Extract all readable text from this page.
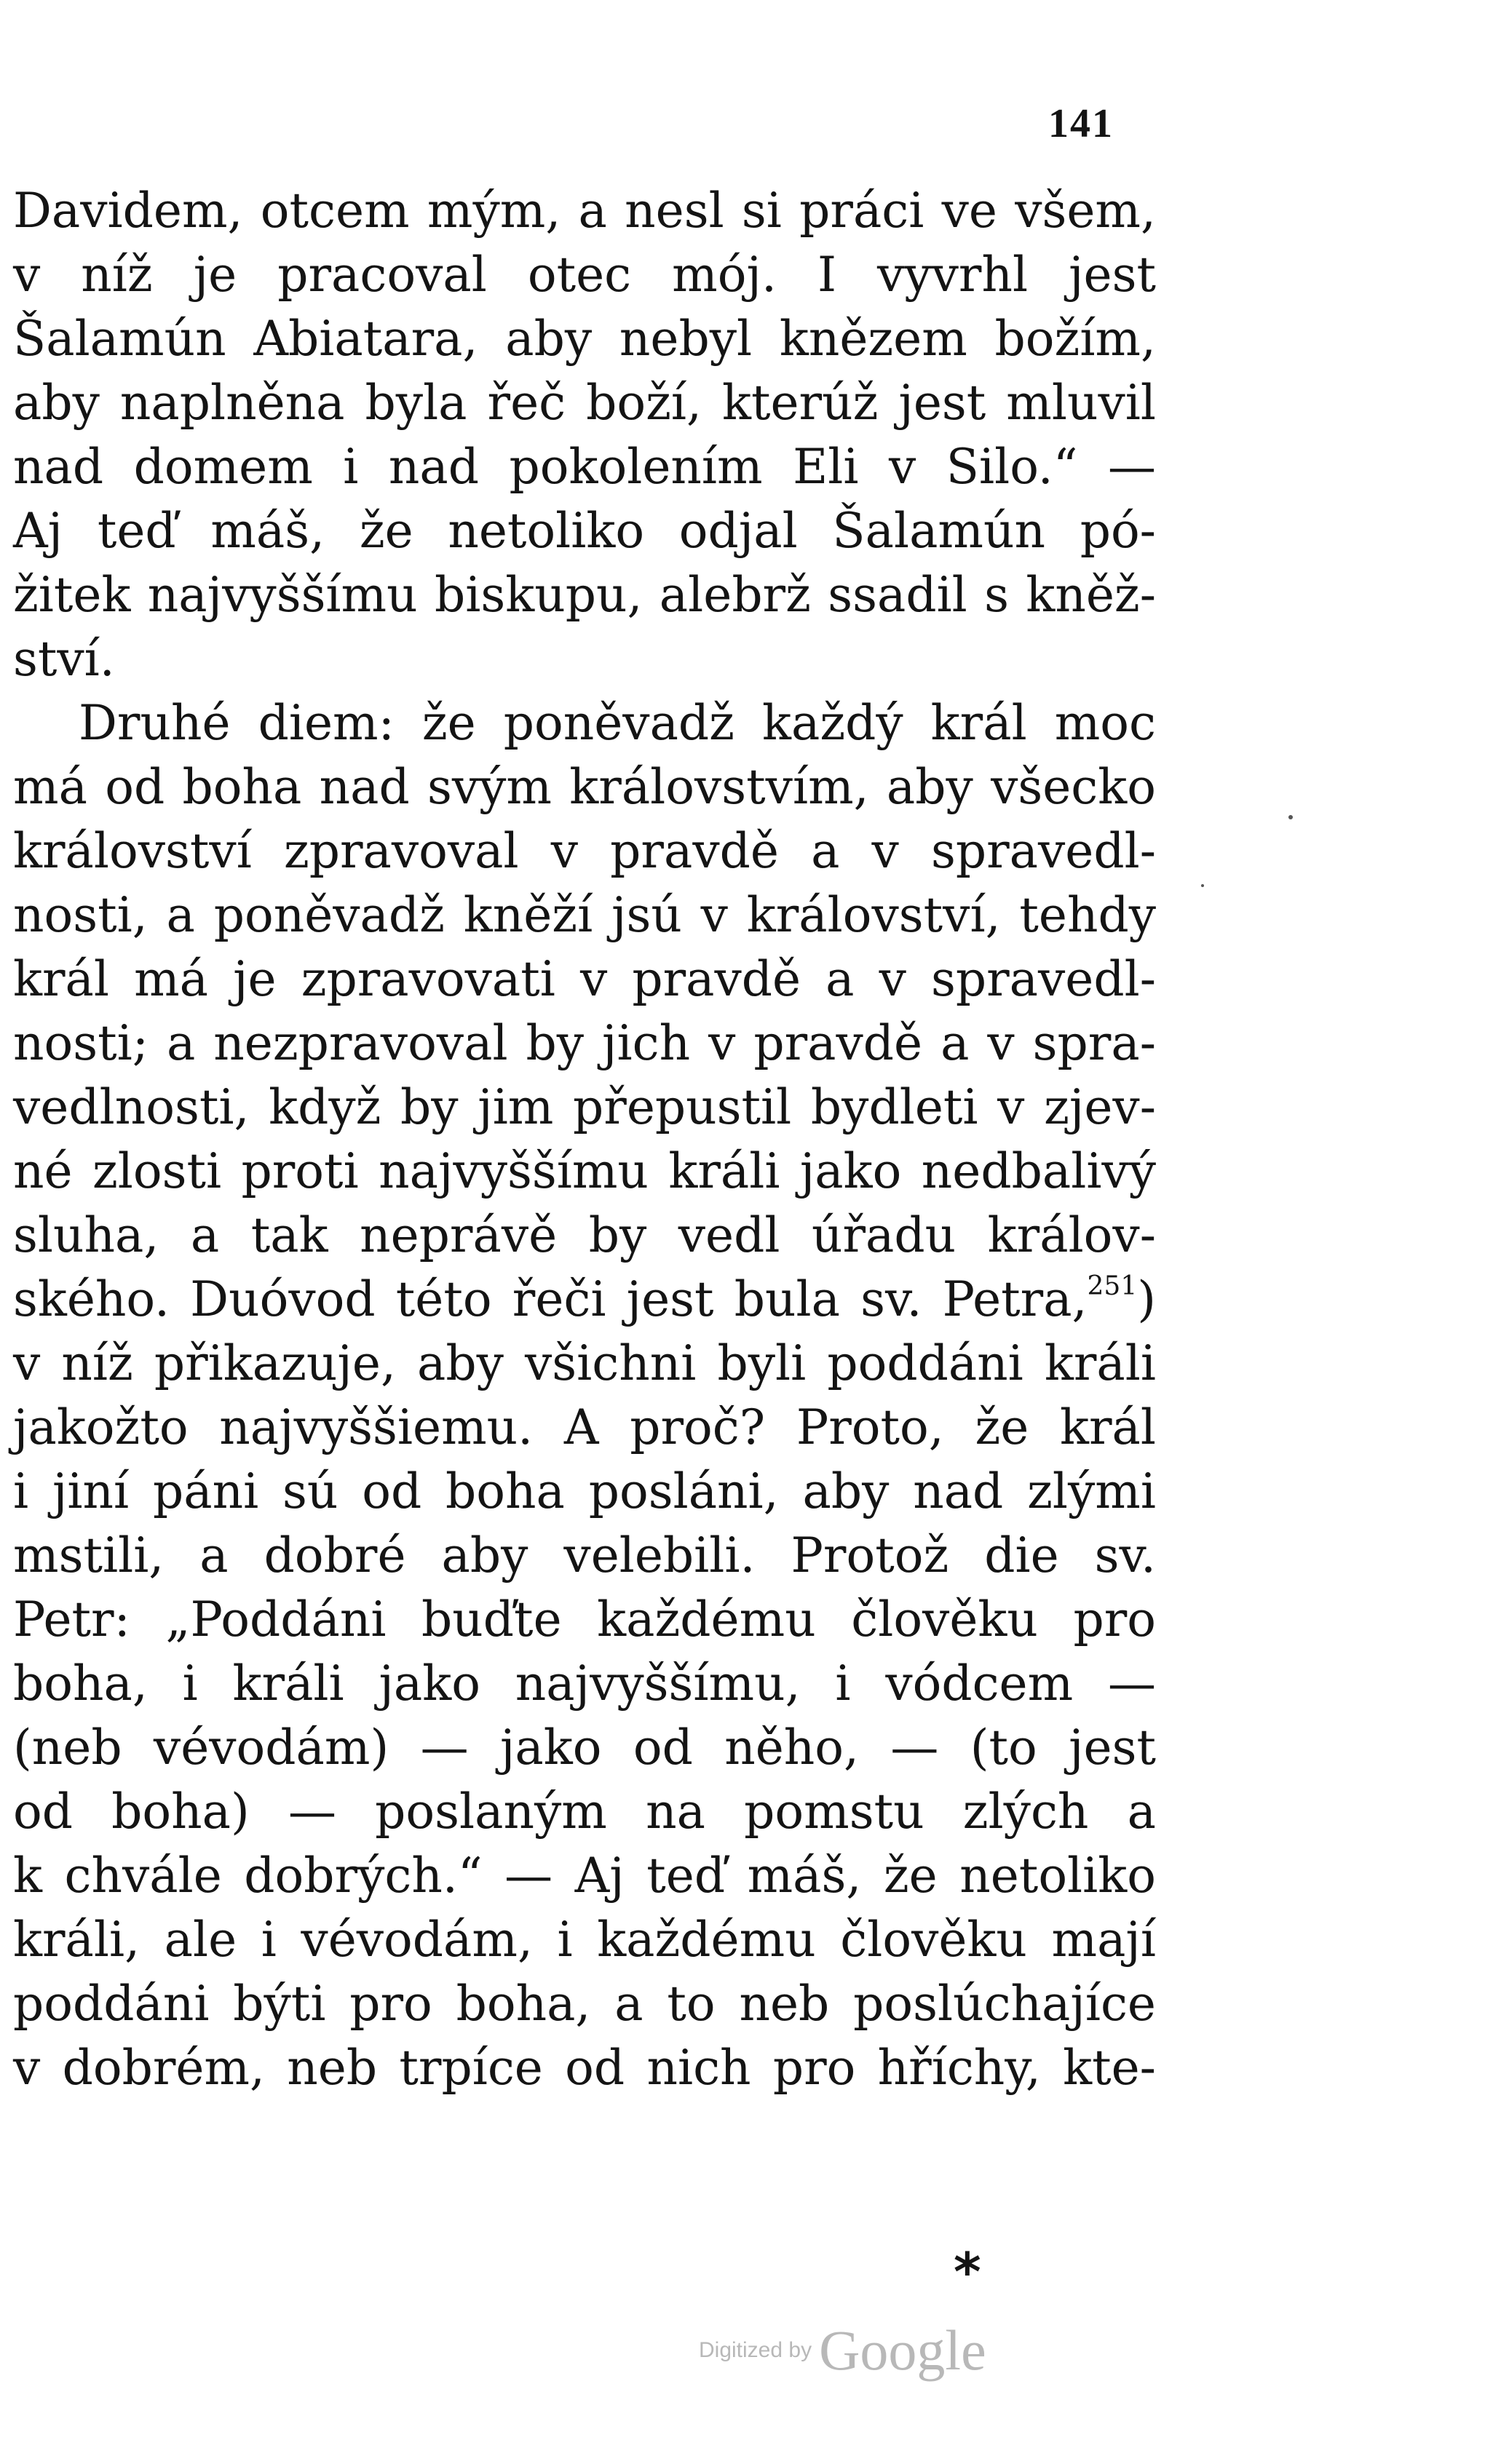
141
Davidem, otcem mým, a nesl si práci ve všem,
v níž je pracoval otec mój. I vyvrhl jest
Šalamún Abiatara, aby nebyl knězem božím,
aby naplněna byla řeč boží, kterúž jest mluvil
nad domem i nad pokolením Eli v Silo.“ —
Aj teď máš, že netoliko odjal Šalamún pó-
žitek najvyššímu biskupu, alebrž ssadil s kněž-
ství.
Druhé diem: že poněvadž každý král moc
má od boha nad svým královstvím, aby všecko
království zpravoval v pravdě a v spravedl-
nosti, a poněvadž kněží jsú v království, tehdy
král má je zpravovati v pravdě a v spravedl-
nosti; a nezpravoval by jich v pravdě a v spra-
vedlnosti, když by jim přepustil bydleti v zjev-
né zlosti proti najvyššímu králi jako nedbalivý
sluha, a tak neprávě by vedl úřadu králov-
ského. Duóvod této řeči jest bula sv. Petra,$^{251}$)
v níž přikazuje, aby všichni byli poddáni králi
jakožto najvyššiemu. A proč? Proto, že král
i jiní páni sú od boha posláni, aby nad zlými
mstili, a dobré aby velebili. Protož die sv.
Petr: „Poddáni buďte každému člověku pro
boha, i králi jako najvyššímu, i vódcem —
(neb vévodám) — jako od něho, — (to jest
od boha) — poslaným na pomstu zlých a
k chvále dobrých.“ — Aj teď máš, že netoliko
králi, ale i vévodám, i každému člověku mají
poddáni býti pro boha, a to neb poslúchajíce
v dobrém, neb trpíce od nich pro hříchy, kte-
*
Digitized by Google
